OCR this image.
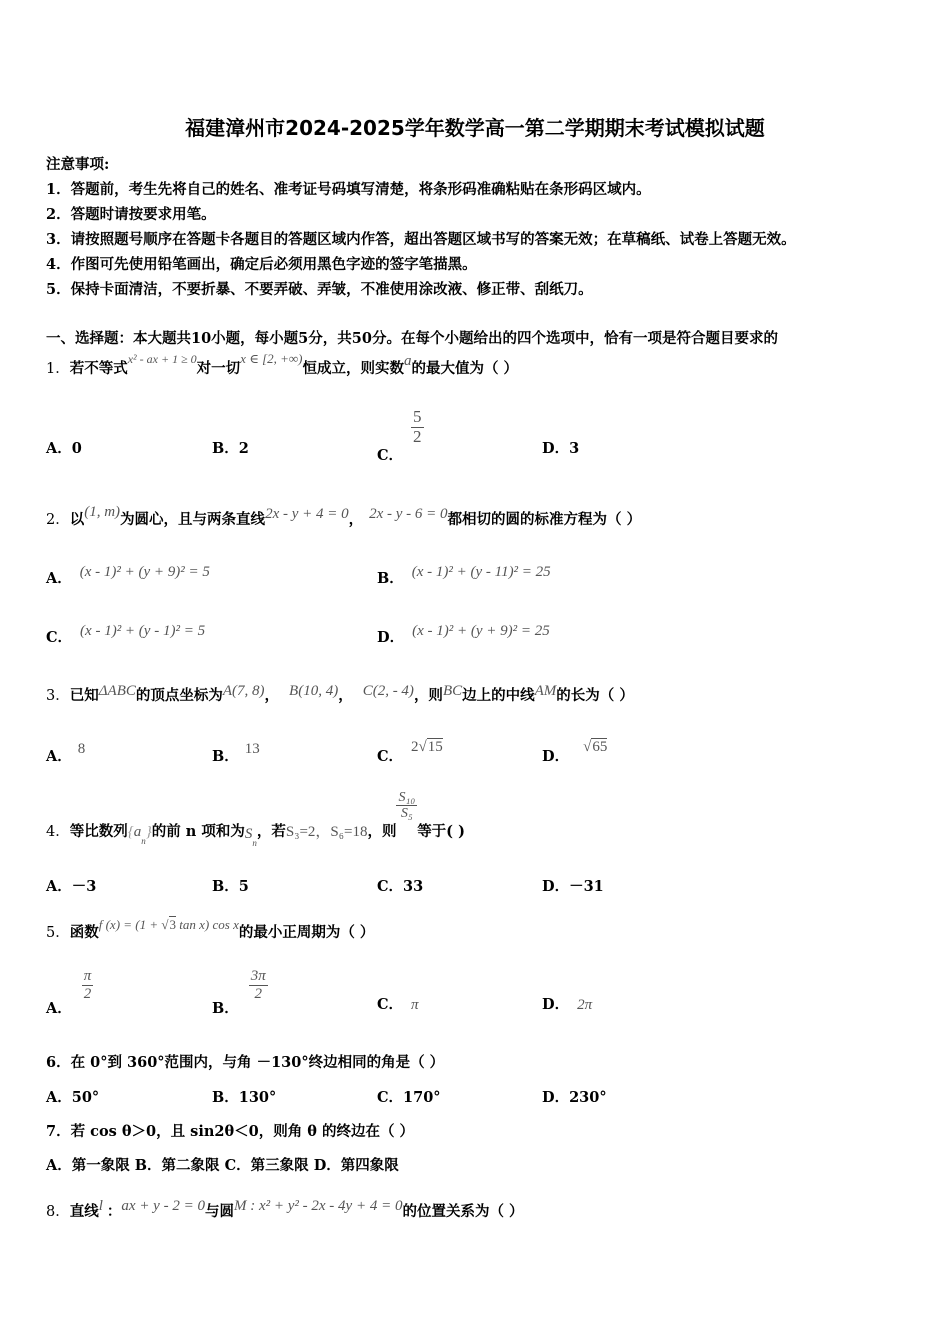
福建漳州市2024-2025学年数学高一第二学期期末考试模拟试题
注意事项:
1．答题前，考生先将自己的姓名、准考证号码填写清楚，将条形码准确粘贴在条形码区域内。
2．答题时请按要求用笔。
3．请按照题号顺序在答题卡各题目的答题区域内作答，超出答题区域书写的答案无效；在草稿纸、试卷上答题无效。
4．作图可先使用铅笔画出，确定后必须用黑色字迹的签字笔描黑。
5．保持卡面清洁，不要折暴、不要弄破、弄皱，不准使用涂改液、修正带、刮纸刀。
一、选择题：本大题共10小题，每小题5分，共50分。在每个小题给出的四个选项中，恰有一项是符合题目要求的
1．若不等式$^{x^2 - ax + 1 \ge 0}$对一切x ∈ [2, +∞)恒成立，则实数a的最大值为（ ）
A．0	B．2	C．
$\frac{5}{2}$
D．3
2．以(1, m)为圆心，且与两条直线2x - y + 4 = 0， 2x - y - 6 = 0都相切的圆的标准方程为（ ）
A． (x - 1)² + (y + 9)² = 5	B． (x - 1)² + (y - 11)² = 25
C． (x - 1)² + (y - 1)² = 5	D． (x - 1)² + (y + 9)² = 25
3．已知ΔABC的顶点坐标为A(7, 8)， B(10, 4)， C(2, - 4)，则BC边上的中线AM的长为（ ）
A． 8	B． 13	C．2√15
D．√65
4．等比数列$\{a_n\}$的前 n 项和为$S_n$，若S₃=2，S₆=18，则
$\frac{\text{S₁₀}}{\text{S₅}}$
等于( )
A．－3	B．5	C．33	D．－31
5．函数f (x) = (1 + √3 tan x) cos x的最小正周期为（ ）
A．
$\frac{\pi}{2}$
B．
$\frac{3\pi}{2}$
C． π	D． 2π
6．在 0°到 360°范围内，与角 －130°终边相同的角是（ ）
A．50°	B．130°	C．170°	D．230°
7．若 cos θ＞0，且 sin2θ＜0，则角 θ 的终边在（ ）
A．第一象限 B．第二象限 C．第三象限 D．第四象限
8．直线l ：ax + y - 2 = 0与圆M : x² + y² - 2x - 4y + 4 = 0的位置关系为（ ）
